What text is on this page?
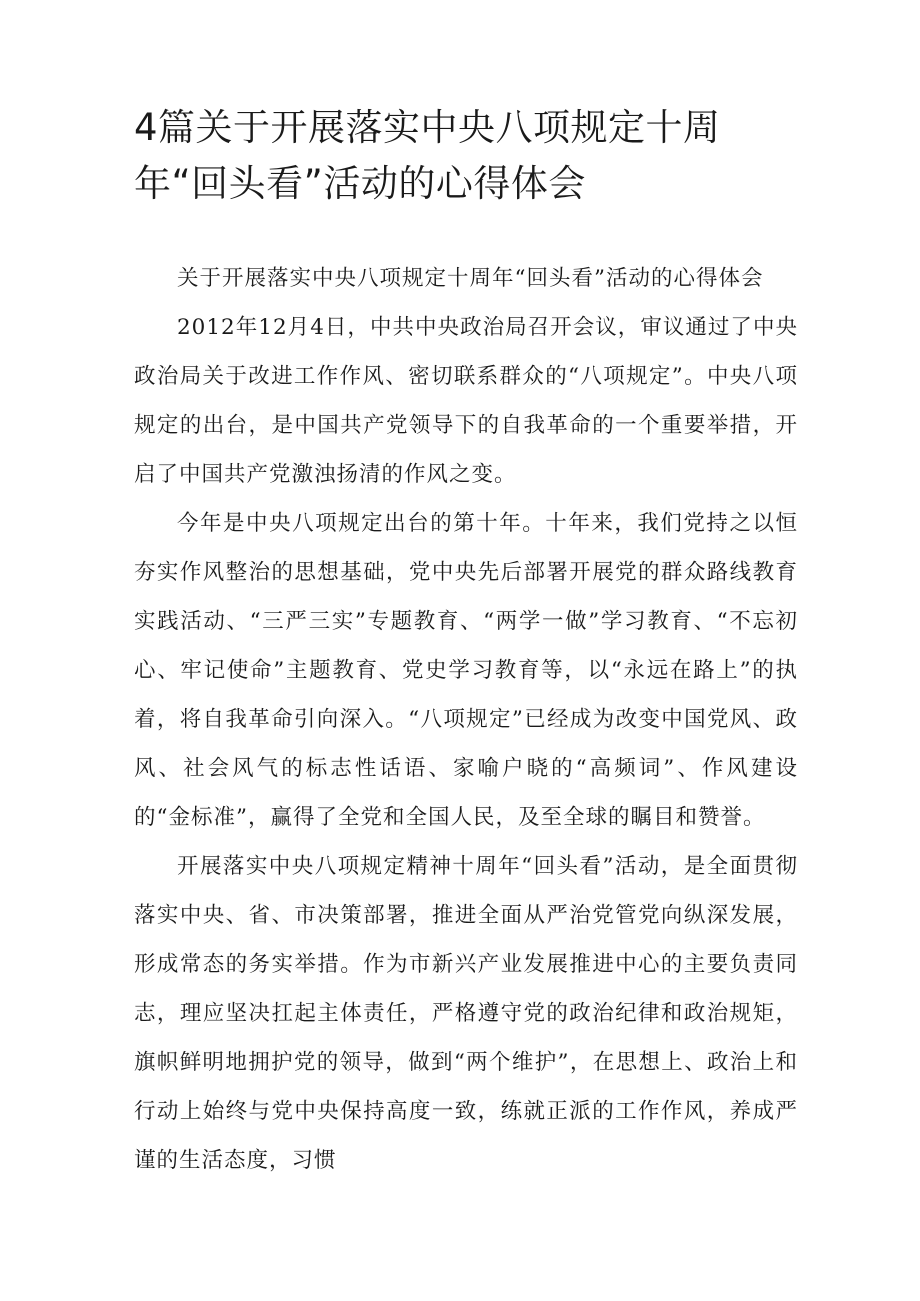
4篇关于开展落实中央八项规定十周年“回头看”活动的心得体会

关于开展落实中央八项规定十周年“回头看”活动的心得体会

2012年12月4日，中共中央政治局召开会议，审议通过了中央政治局关于改进工作作风、密切联系群众的“八项规定”。中央八项规定的出台，是中国共产党领导下的自我革命的一个重要举措，开启了中国共产党激浊扬清的作风之变。

今年是中央八项规定出台的第十年。十年来，我们党持之以恒夯实作风整治的思想基础，党中央先后部署开展党的群众路线教育实践活动、“三严三实”专题教育、“两学一做”学习教育、“不忘初心、牢记使命”主题教育、党史学习教育等，以“永远在路上”的执着，将自我革命引向深入。“八项规定”已经成为改变中国党风、政风、社会风气的标志性话语、家喻户晓的“高频词”、作风建设的“金标准”，赢得了全党和全国人民，及至全球的瞩目和赞誉。

开展落实中央八项规定精神十周年“回头看”活动，是全面贯彻落实中央、省、市决策部署，推进全面从严治党管党向纵深发展，形成常态的务实举措。作为市新兴产业发展推进中心的主要负责同志，理应坚决扛起主体责任，严格遵守党的政治纪律和政治规矩，旗帜鲜明地拥护党的领导，做到“两个维护”，在思想上、政治上和行动上始终与党中央保持高度一致，练就正派的工作作风，养成严谨的生活态度，习惯
